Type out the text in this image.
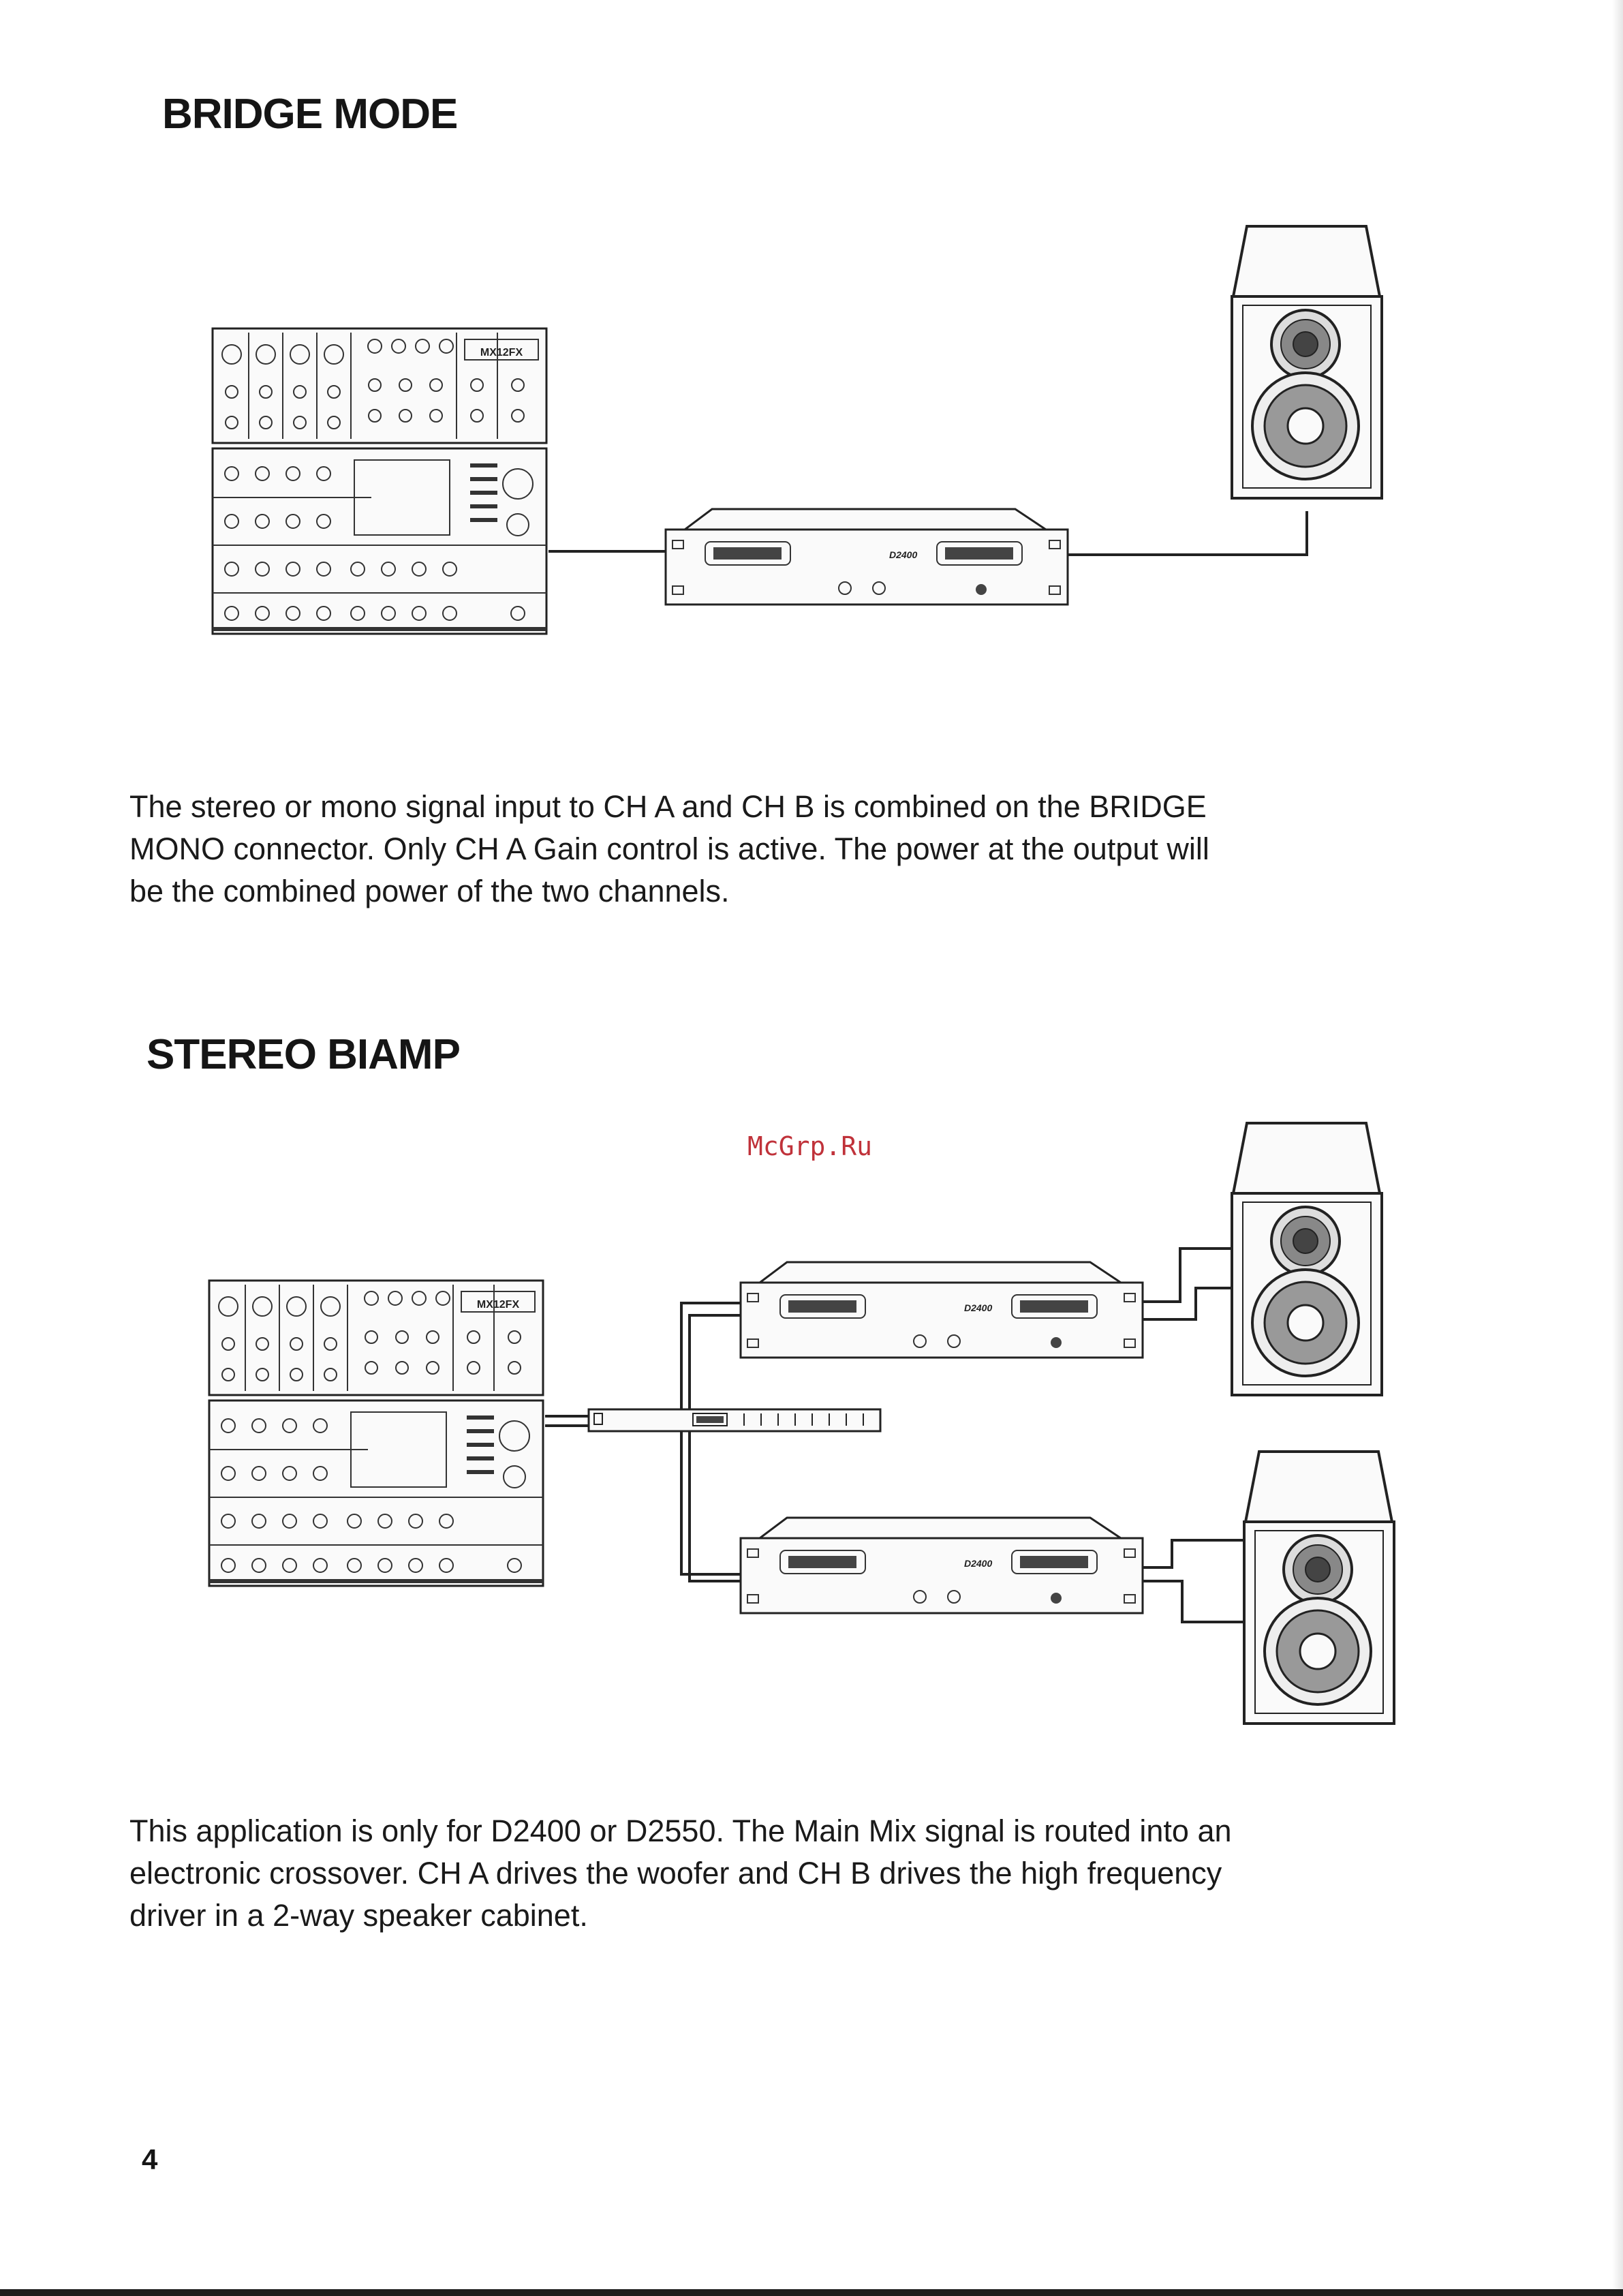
BRIDGE MODE
MX12FX
D2400

The stereo or mono signal input to CH A and CH B is combined on the BRIDGE
MONO connector. Only CH A Gain control is active. The power at the output will
be the combined power of the two channels.

STEREO BIAMP
McGrp.Ru
MX12FX	D2400
D2400

This application is only for D2400 or D2550. The Main Mix signal is routed into an
electronic crossover. CH A drives the woofer and CH B drives the high frequency
driver in a 2-way speaker cabinet.

4
